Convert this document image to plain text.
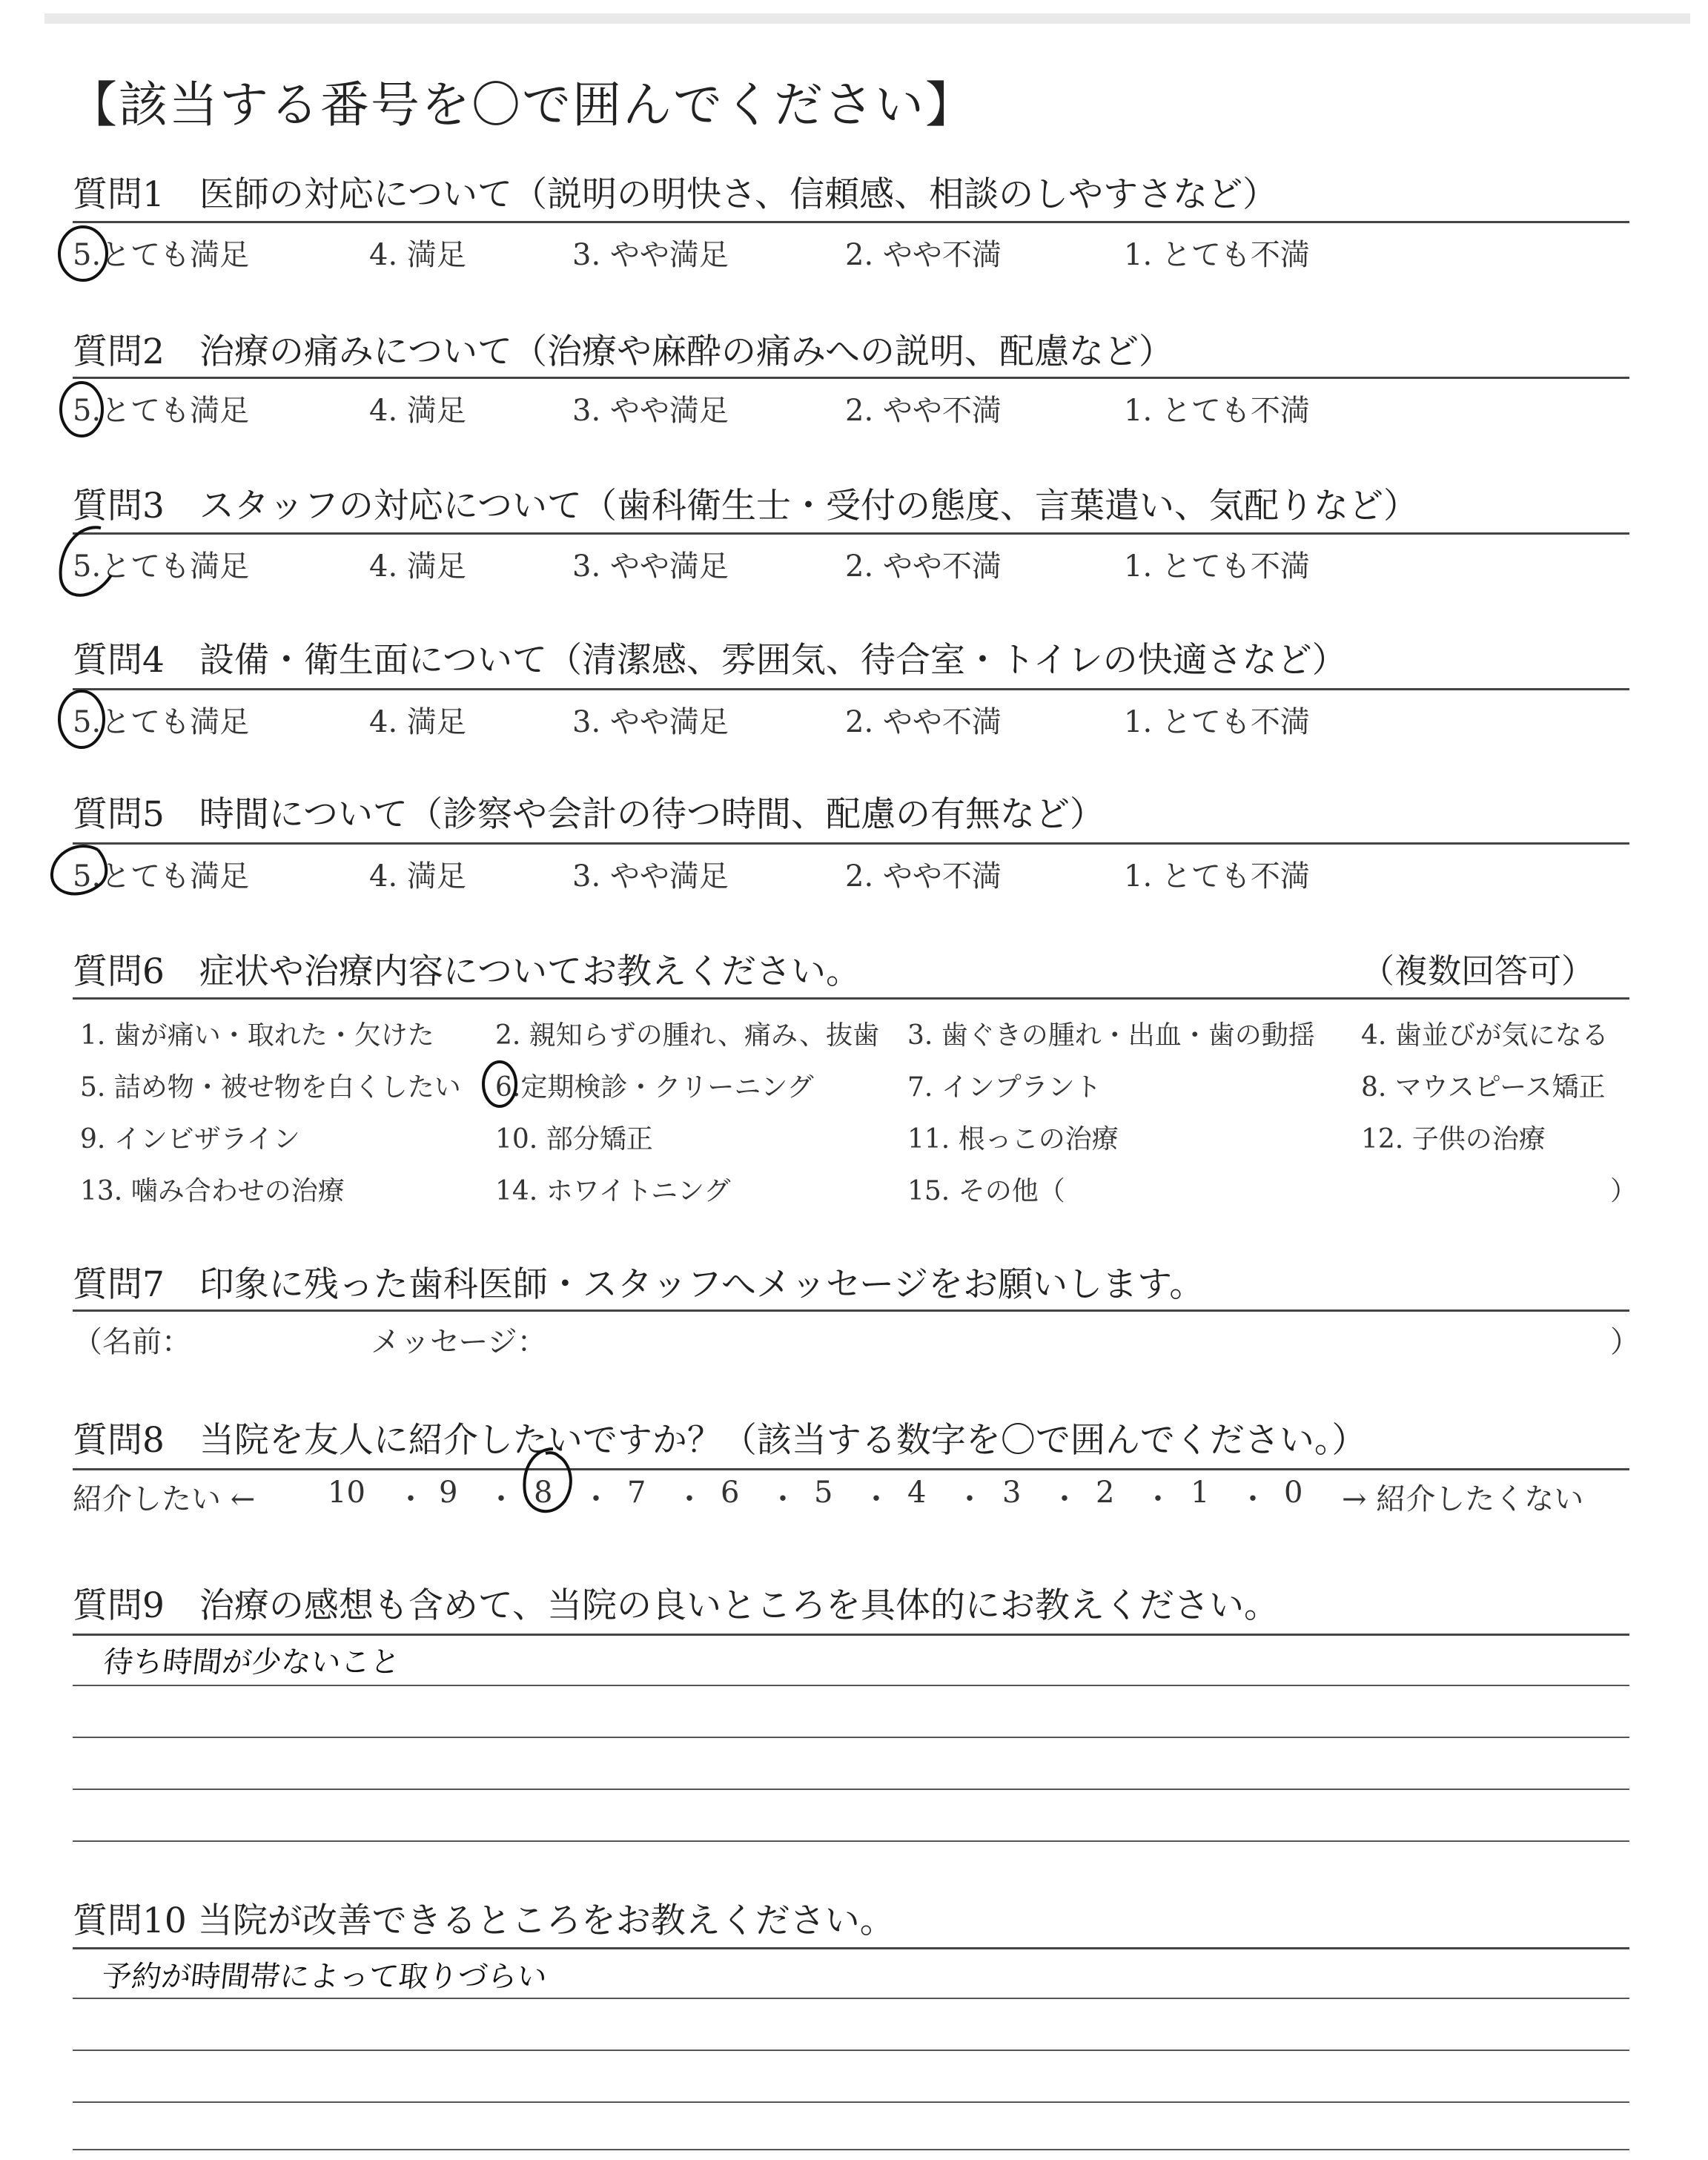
【該当する番号を〇で囲んでください】
質問1　医師の対応について（説明の明快さ、信頼感、相談のしやすさなど）
5.とても満足	4. 満足	3. やや満足	2. やや不満	1. とても不満
質問2　治療の痛みについて（治療や麻酔の痛みへの説明、配慮など）
5.とても満足	4. 満足	3. やや満足	2. やや不満	1. とても不満
質問3　スタッフの対応について（歯科衛生士・受付の態度、言葉遣い、気配りなど）
5.とても満足	4. 満足	3. やや満足	2. やや不満	1. とても不満
質問4　設備・衛生面について（清潔感、雰囲気、待合室・トイレの快適さなど）
5.とても満足	4. 満足	3. やや満足	2. やや不満	1. とても不満
質問5　時間について（診察や会計の待つ時間、配慮の有無など）
5.とても満足	4. 満足	3. やや満足	2. やや不満	1. とても不満
質問6　症状や治療内容についてお教えください。	（複数回答可）
1. 歯が痛い・取れた・欠けた 2. 親知らずの腫れ、痛み、抜歯 3. 歯ぐきの腫れ・出血・歯の動揺 4. 歯並びが気になる
5. 詰め物・被せ物を白くしたい 6.定期検診・クリーニング	7. インプラント	8. マウスピース矯正
9. インビザライン	10. 部分矯正	11. 根っこの治療	12. 子供の治療
13. 噛み合わせの治療	14. ホワイトニング	15. その他（	）
質問7　印象に残った歯科医師・スタッフへメッセージをお願いします。
（名前：	メッセージ：	）
質問8　当院を友人に紹介したいですか？（該当する数字を〇で囲んでください。）
紹介したい ← 10 ・ 9 ・ 8 ・ 7 ・ 6 ・ 5 ・ 4 ・ 3 ・ 2 ・ 1 ・ 0 → 紹介したくない
質問9　治療の感想も含めて、当院の良いところを具体的にお教えください。
待ち時間が少ないこと
質問10 当院が改善できるところをお教えください。
予約が時間帯によって取りづらい
